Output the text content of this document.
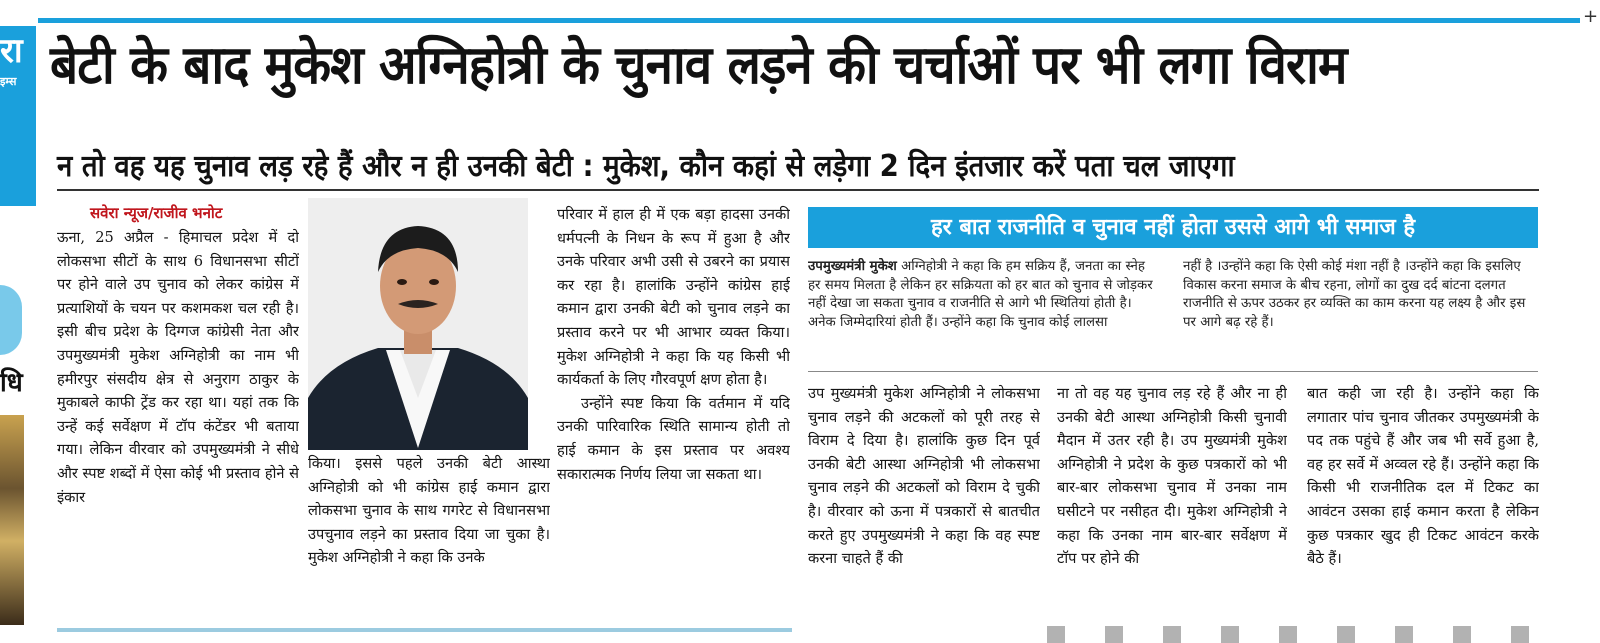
+
रा
इम्स
धि
बेटी के बाद मुकेश अग्निहोत्री के चुनाव लड़ने की चर्चाओं पर भी लगा विराम
न तो वह यह चुनाव लड़ रहे हैं और न ही उनकी बेटी : मुकेश, कौन कहां से लड़ेगा 2 दिन इंतजार करें पता चल जाएगा
सवेरा न्यूज/राजीव भनोट
ऊना, 25 अप्रैल - हिमाचल प्रदेश में दो लोकसभा सीटों के साथ 6 विधानसभा सीटों पर होने वाले उप चुनाव को लेकर कांग्रेस में प्रत्याशियों के चयन पर कशमकश चल रही है। इसी बीच प्रदेश के दिग्गज कांग्रेसी नेता और उपमुख्यमंत्री मुकेश अग्निहोत्री का नाम भी हमीरपुर संसदीय क्षेत्र से अनुराग ठाकुर के मुकाबले काफी ट्रेंड कर रहा था। यहां तक कि उन्हें कई सर्वेक्षण में टॉप कंटेंडर भी बताया गया। लेकिन वीरवार को उपमुख्यमंत्री ने सीधे और स्पष्ट शब्दों में ऐसा कोई भी प्रस्ताव होने से इंकार
किया। इससे पहले उनकी बेटी आस्था अग्निहोत्री को भी कांग्रेस हाई कमान द्वारा लोकसभा चुनाव के साथ गगरेट से विधानसभा उपचुनाव लड़ने का प्रस्ताव दिया जा चुका है। मुकेश अग्निहोत्री ने कहा कि उनके

परिवार में हाल ही में एक बड़ा हादसा उनकी धर्मपत्नी के निधन के रूप में हुआ है और उनके परिवार अभी उसी से उबरने का प्रयास कर रहा है। हालांकि उन्होंने कांग्रेस हाई कमान द्वारा उनकी बेटी को चुनाव लड़ने का प्रस्ताव करने पर भी आभार व्यक्त किया। मुकेश अग्निहोत्री ने कहा कि यह किसी भी कार्यकर्ता के लिए गौरवपूर्ण क्षण होता है।

उन्होंने स्पष्ट किया कि वर्तमान में यदि उनकी पारिवारिक स्थिति सामान्य होती तो हाई कमान के इस प्रस्ताव पर अवश्य सकारात्मक निर्णय लिया जा सकता था।

हर बात राजनीति व चुनाव नहीं होता उससे आगे भी समाज है
उपमुख्यमंत्री मुकेश अग्निहोत्री ने कहा कि हम सक्रिय हैं, जनता का स्नेह हर समय मिलता है लेकिन हर सक्रियता को हर बात को चुनाव से जोड़कर नहीं देखा जा सकता चुनाव व राजनीति से आगे भी स्थितियां होती है। अनेक जिम्मेदारियां होती हैं। उन्होंने कहा कि चुनाव कोई लालसा
नहीं है ।उन्होंने कहा कि ऐसी कोई मंशा नहीं है ।उन्होंने कहा कि इसलिए विकास करना समाज के बीच रहना, लोगों का दुख दर्द बांटना दलगत राजनीति से ऊपर उठकर हर व्यक्ति का काम करना यह लक्ष्य है और इस पर आगे बढ़ रहे हैं।
उप मुख्यमंत्री मुकेश अग्निहोत्री ने लोकसभा चुनाव लड़ने की अटकलों को पूरी तरह से विराम दे दिया है। हालांकि कुछ दिन पूर्व उनकी बेटी आस्था अग्निहोत्री भी लोकसभा चुनाव लड़ने की अटकलों को विराम दे चुकी है। वीरवार को ऊना में पत्रकारों से बातचीत करते हुए उपमुख्यमंत्री ने कहा कि वह स्पष्ट करना चाहते हैं की
ना तो वह यह चुनाव लड़ रहे हैं और ना ही उनकी बेटी आस्था अग्निहोत्री किसी चुनावी मैदान में उतर रही है। उप मुख्यमंत्री मुकेश अग्निहोत्री ने प्रदेश के कुछ पत्रकारों को भी बार-बार लोकसभा चुनाव में उनका नाम घसीटने पर नसीहत दी। मुकेश अग्निहोत्री ने कहा कि उनका नाम बार-बार सर्वेक्षण में टॉप पर होने की
बात कही जा रही है। उन्होंने कहा कि लगातार पांच चुनाव जीतकर उपमुख्यमंत्री के पद तक पहुंचे हैं और जब भी सर्वे हुआ है, वह हर सर्वे में अव्वल रहे हैं। उन्होंने कहा कि किसी भी राजनीतिक दल में टिकट का आवंटन उसका हाई कमान करता है लेकिन कुछ पत्रकार खुद ही टिकट आवंटन करके बैठे हैं।
